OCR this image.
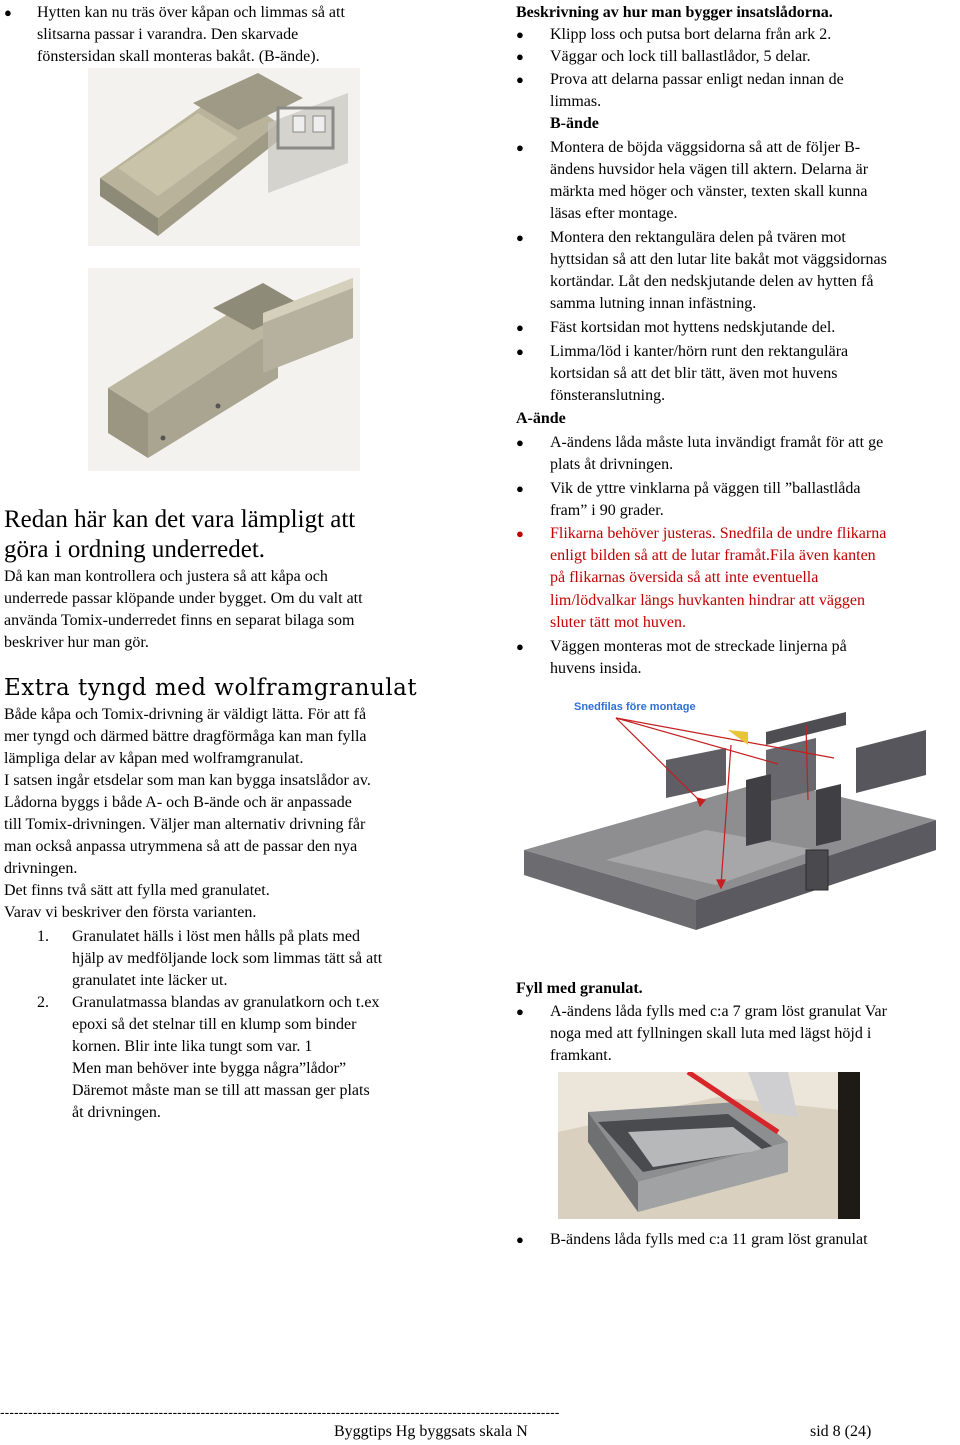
● Hytten kan nu träs över kåpan och limmas så att
slitsarna passar i varandra. Den skarvade
fönstersidan skall monteras bakåt. (B-ände).
Redan här kan det vara lämpligt att
göra i ordning underredet.
Då kan man kontrollera och justera så att kåpa och
underrede passar klöpande under bygget. Om du valt att
använda Tomix-underredet finns en separat bilaga som
beskriver hur man gör.
Extra tyngd med wolframgranulat
Både kåpa och Tomix-drivning är väldigt lätta. För att få
mer tyngd och därmed bättre dragförmåga kan man fylla
lämpliga delar av kåpan med wolframgranulat.
I satsen ingår etsdelar som man kan bygga insatslådor av.
Lådorna byggs i både A- och B-ände och är anpassade
till Tomix-drivningen. Väljer man alternativ drivning får
man också anpassa utrymmena så att de passar den nya
drivningen.
Det finns två sätt att fylla med granulatet.
Varav vi beskriver den första varianten.
1. Granulatet hälls i löst men hålls på plats med
hjälp av medföljande lock som limmas tätt så att
granulatet inte läcker ut.
2. Granulatmassa blandas av granulatkorn och t.ex
epoxi så det stelnar till en klump som binder
kornen. Blir inte lika tungt som var. 1
Men man behöver inte bygga några”lådor”
Däremot måste man se till att massan ger plats
åt drivningen.
Beskrivning av hur man bygger insatslådorna.
● Klipp loss och putsa bort delarna från ark 2.
● Väggar och lock till ballastlådor, 5 delar.
● Prova att delarna passar enligt nedan innan de
limmas.
B-ände
● Montera de böjda väggsidorna så att de följer B-
ändens huvsidor hela vägen till aktern. Delarna är
märkta med höger och vänster, texten skall kunna
läsas efter montage.
● Montera den rektangulära delen på tvären mot
hyttsidan så att den lutar lite bakåt mot väggsidornas
kortändar. Låt den nedskjutande delen av hytten få
samma lutning innan infästning.
● Fäst kortsidan mot hyttens nedskjutande del.
● Limma/löd i kanter/hörn runt den rektangulära
kortsidan så att det blir tätt, även mot huvens
fönsteranslutning.
A-ände
● A-ändens låda måste luta invändigt framåt för att ge
plats åt drivningen.
● Vik de yttre vinklarna på väggen till ”ballastlåda
fram” i 90 grader.
● Flikarna behöver justeras. Snedfila de undre flikarna
enligt bilden så att de lutar framåt.Fila även kanten
på flikarnas översida så att inte eventuella
lim/lödvalkar längs huvkanten hindrar att väggen
sluter tätt mot huven.
● Väggen monteras mot de streckade linjerna på
huvens insida.
Snedfilas före montage
Fyll med granulat.
● A-ändens låda fylls med c:a 7 gram löst granulat Var
noga med att fyllningen skall luta med lägst höjd i
framkant.
● B-ändens låda fylls med c:a 11 gram löst granulat
------------------------------------------------------------------------------------------------------------------------
Byggtips Hg byggsats skala N	sid 8 (24)
